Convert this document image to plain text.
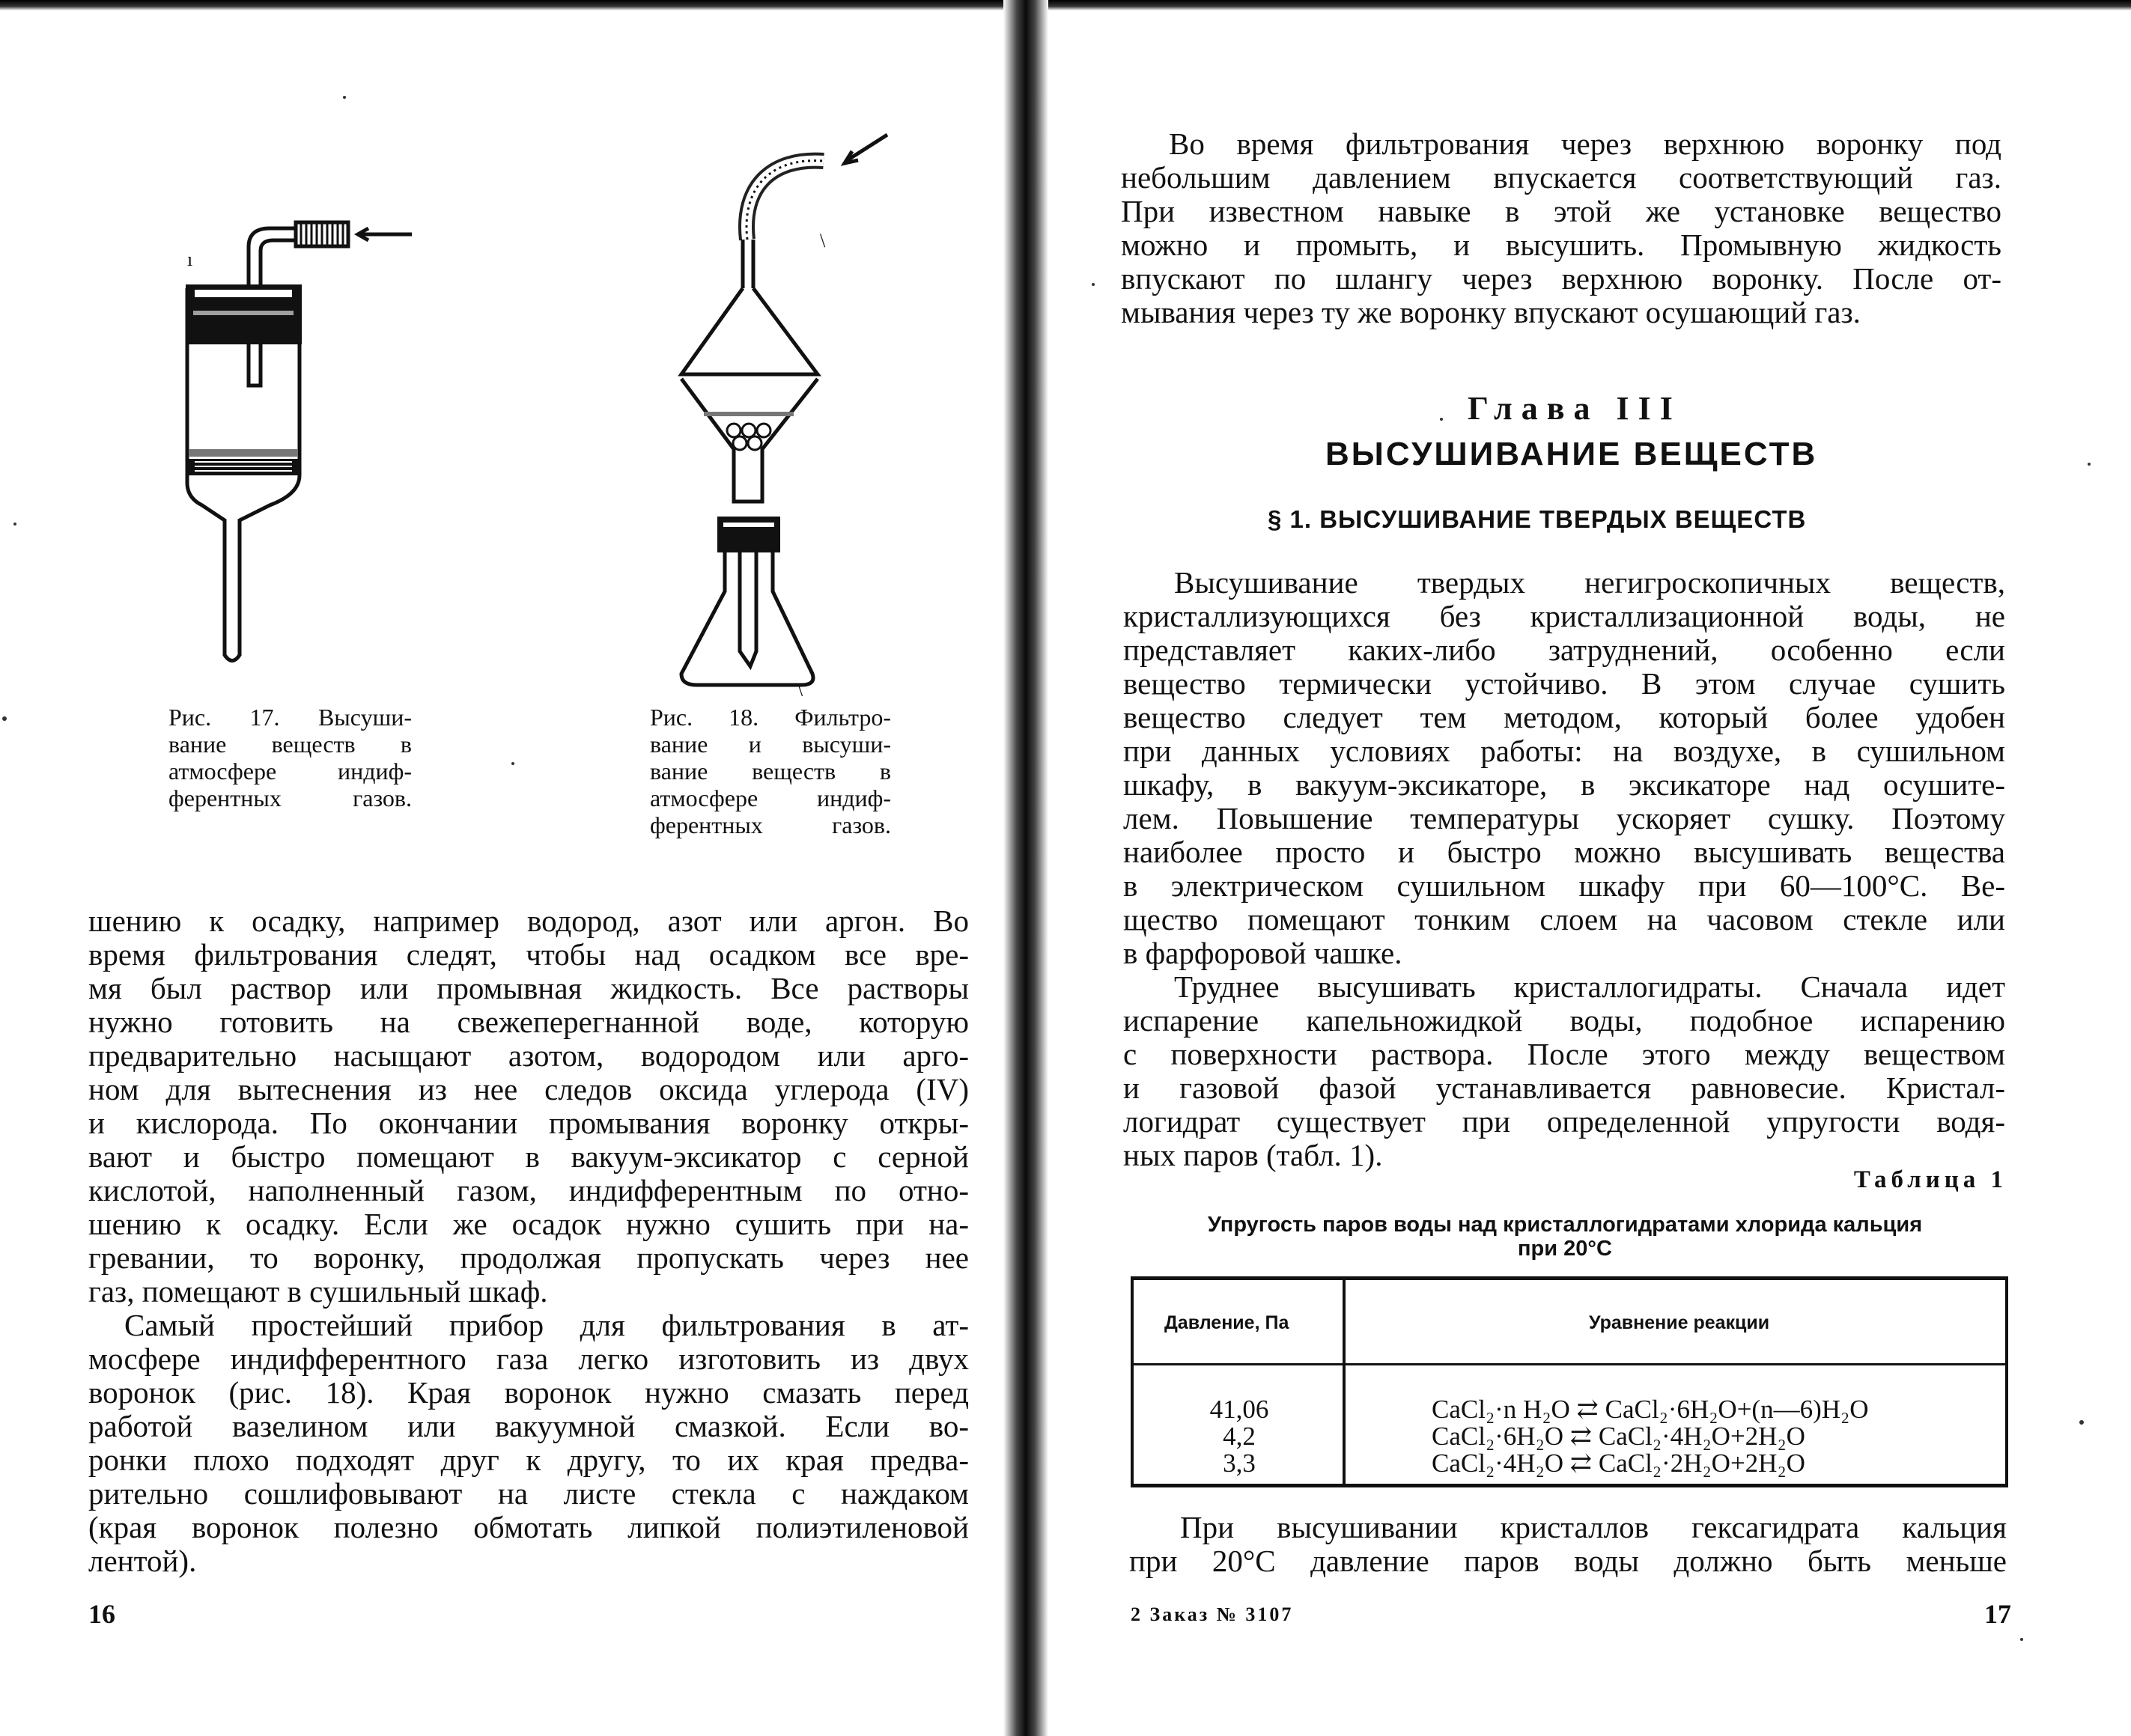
ı
\
\
Рис. 17. Высуши-
вание веществ в
атмосфере индиф-
ферентных газов.
Рис. 18. Фильтро-
вание и высуши-
вание веществ в
атмосфере индиф-
ферентных газов.
шению к осадку, например водород, азот или аргон. Во
время фильтрования следят, чтобы над осадком все вре-
мя был раствор или промывная жидкость. Все растворы
нужно готовить на свежеперегнанной воде, которую
предварительно насыщают азотом, водородом или арго-
ном для вытеснения из нее следов оксида углерода (IV)
и кислорода. По окончании промывания воронку откры-
вают и быстро помещают в вакуум-эксикатор с серной
кислотой, наполненный газом, индифферентным по отно-
шению к осадку. Если же осадок нужно сушить при на-
гревании, то воронку, продолжая пропускать через нее
газ, помещают в сушильный шкаф.
Самый простейший прибор для фильтрования в ат-
мосфере индифферентного газа легко изготовить из двух
воронок (рис. 18). Края воронок нужно смазать перед
работой вазелином или вакуумной смазкой. Если во-
ронки плохо подходят друг к другу, то их края предва-
рительно сошлифовывают на листе стекла с наждаком
(края воронок полезно обмотать липкой полиэтиленовой
лентой).
16
Во время фильтрования через верхнюю воронку под
небольшим давлением впускается соответствующий газ.
При известном навыке в этой же установке вещество
можно и промыть, и высушить. Промывную жидкость
впускают по шлангу через верхнюю воронку. После от-
мывания через ту же воронку впускают осушающий газ.
Глава III
ВЫСУШИВАНИЕ ВЕЩЕСТВ
§ 1. ВЫСУШИВАНИЕ ТВЕРДЫХ ВЕЩЕСТВ
Высушивание твердых негигроскопичных веществ,
кристаллизующихся без кристаллизационной воды, не
представляет каких-либо затруднений, особенно если
вещество термически устойчиво. В этом случае сушить
вещество следует тем методом, который более удобен
при данных условиях работы: на воздухе, в сушильном
шкафу, в вакуум-эксикаторе, в эксикаторе над осушите-
лем. Повышение температуры ускоряет сушку. Поэтому
наиболее просто и быстро можно высушивать вещества
в электрическом сушильном шкафу при 60—100°С. Ве-
щество помещают тонким слоем на часовом стекле или
в фарфоровой чашке.
Труднее высушивать кристаллогидраты. Сначала идет
испарение капельножидкой воды, подобное испарению
с поверхности раствора. После этого между веществом
и газовой фазой устанавливается равновесие. Кристал-
логидрат существует при определенной упругости водя-
ных паров (табл. 1).
Таблица 1
Упругость паров воды над кристаллогидратами хлорида кальция
при 20°С
Давление, Па	Уравнение реакции
41,06
4,2
3,3
CaCl₂·n H₂O ⇄ CaCl₂·6H₂O+(n—6)H₂O
CaCl₂·6H₂O ⇄ CaCl₂·4H₂O+2H₂O
CaCl₂·4H₂O ⇄ CaCl₂·2H₂O+2H₂O
При высушивании кристаллов гексагидрата кальция
при 20°С давление паров воды должно быть меньше
2 Заказ № 3107	17
